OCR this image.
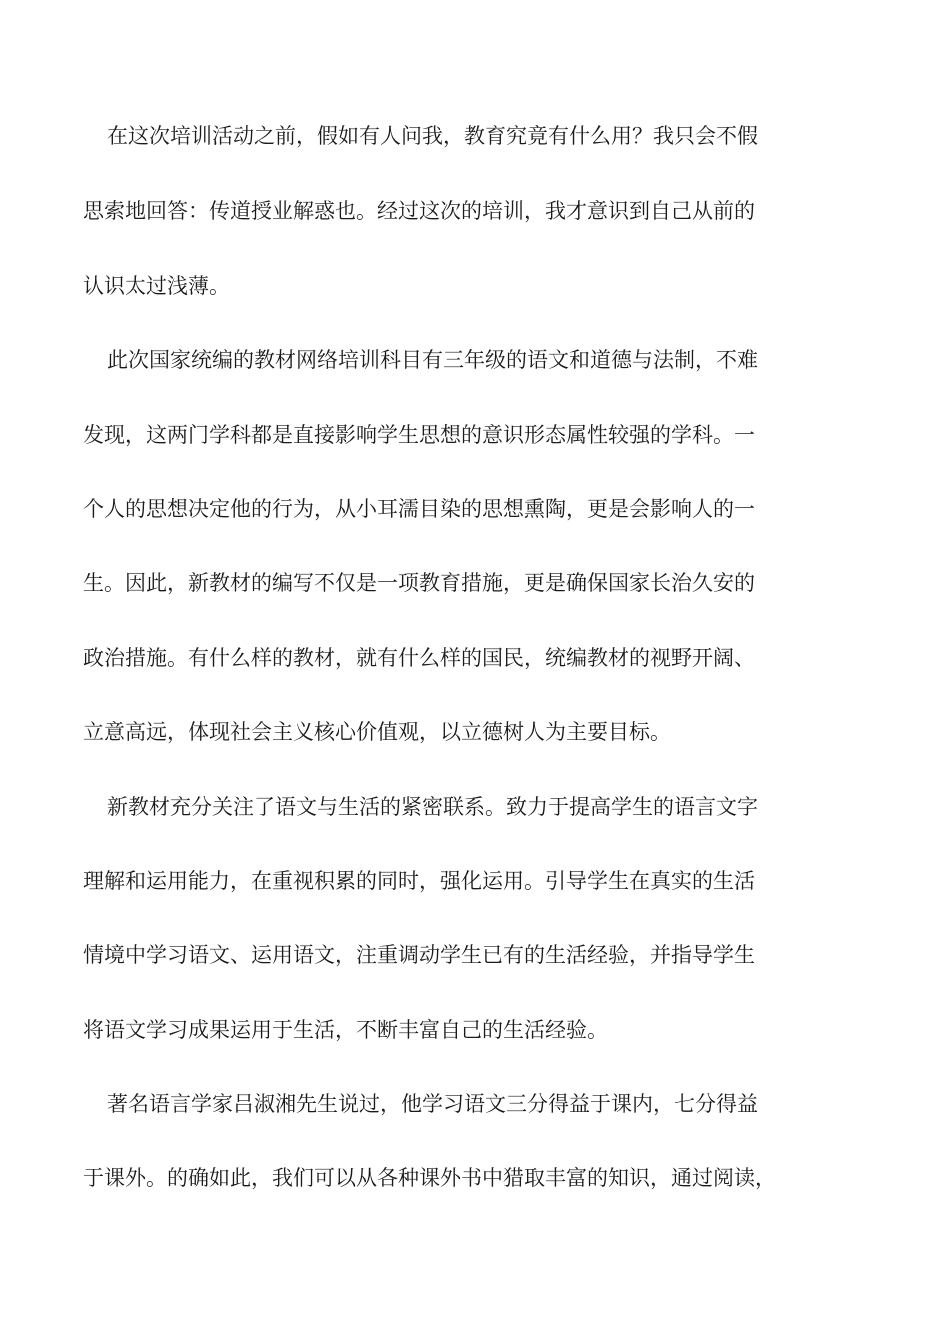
在这次培训活动之前，假如有人问我，教育究竟有什么用？我只会不假
思索地回答：传道授业解惑也。经过这次的培训，我才意识到自己从前的
认识太过浅薄。
此次国家统编的教材网络培训科目有三年级的语文和道德与法制，不难
发现，这两门学科都是直接影响学生思想的意识形态属性较强的学科。一
个人的思想决定他的行为，从小耳濡目染的思想熏陶，更是会影响人的一
生。因此，新教材的编写不仅是一项教育措施，更是确保国家长治久安的
政治措施。有什么样的教材，就有什么样的国民，统编教材的视野开阔、
立意高远，体现社会主义核心价值观，以立德树人为主要目标。
新教材充分关注了语文与生活的紧密联系。致力于提高学生的语言文字
理解和运用能力，在重视积累的同时，强化运用。引导学生在真实的生活
情境中学习语文、运用语文，注重调动学生已有的生活经验，并指导学生
将语文学习成果运用于生活，不断丰富自己的生活经验。
著名语言学家吕淑湘先生说过，他学习语文三分得益于课内，七分得益
于课外。的确如此，我们可以从各种课外书中猎取丰富的知识，通过阅读，
